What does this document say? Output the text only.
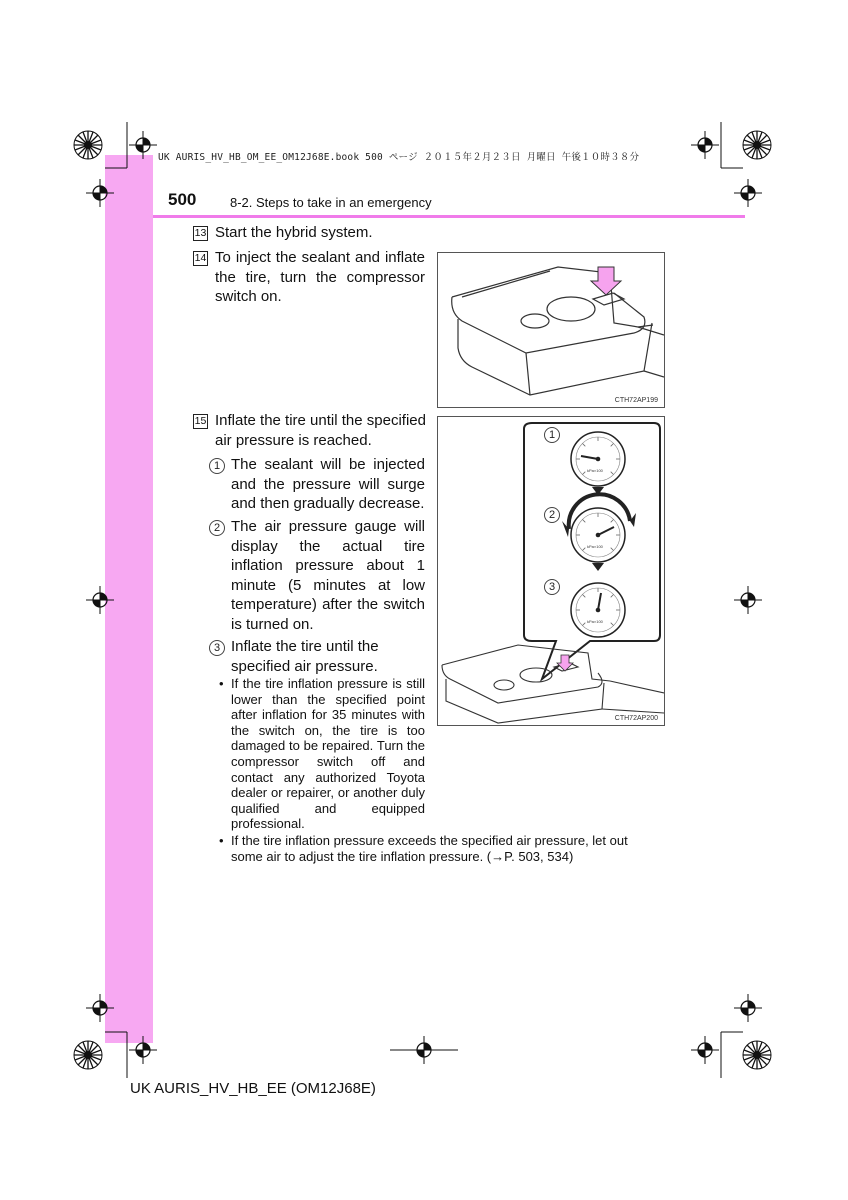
UK AURIS_HV_HB_OM_EE_OM12J68E.book 500 ページ ２０１５年２月２３日 月曜日 午後１０時３８分
500	8-2. Steps to take in an emergency
13 Start the hybrid system.
14 To inject the sealant and inflate the tire, turn the compressor switch on.
CTH72AP199
15 Inflate the tire until the specified air pressure is reached.
1 The sealant will be injected and the pressure will surge and then gradually decrease.
2 The air pressure gauge will display the actual tire inflation pressure about 1 minute (5 minutes at low temperature) after the switch is turned on.
3 Inflate the tire until the specified air pressure.
• If the tire inflation pressure is still lower than the specified point after inflation for 35 minutes with the switch on, the tire is too damaged to be repaired. Turn the compressor switch off and contact any authorized Toyota dealer or repairer, or another duly qualified and equipped professional.
• If the tire inflation pressure exceeds the specified air pressure, let out some air to adjust the tire inflation pressure. (→P. 503, 534)
1
2
3
kPa×100
kPa×100
kPa×100
CTH72AP200
UK AURIS_HV_HB_EE (OM12J68E)
